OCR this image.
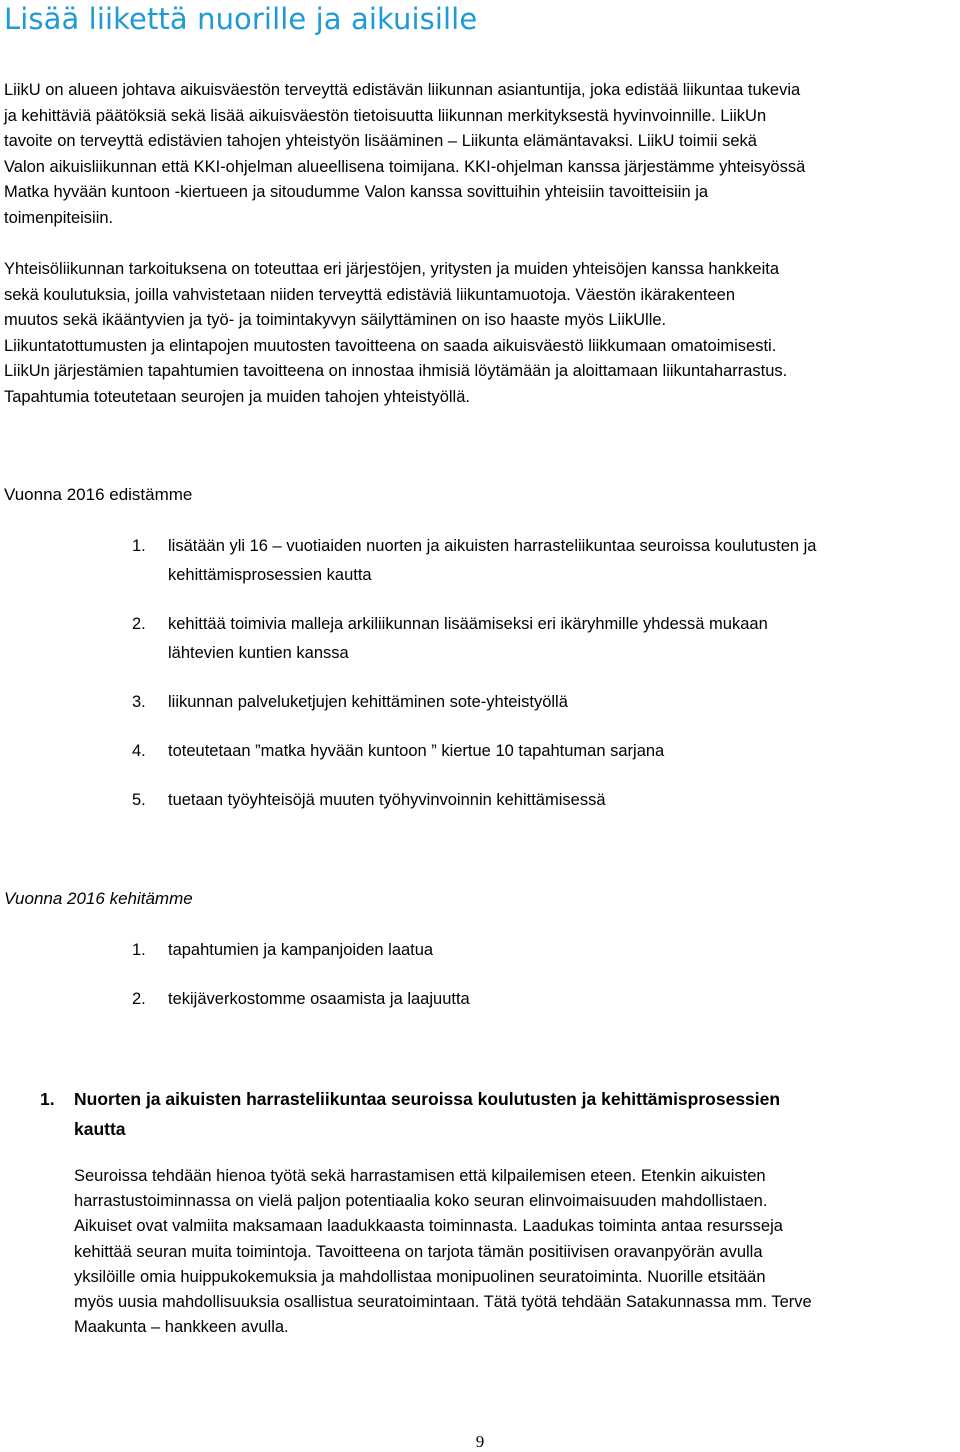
Lisää liikettä nuorille ja aikuisille
LiikU on alueen johtava aikuisväestön terveyttä edistävän liikunnan asiantuntija, joka edistää liikuntaa tukevia
ja kehittäviä päätöksiä sekä lisää aikuisväestön tietoisuutta liikunnan merkityksestä hyvinvoinnille. LiikUn
tavoite on terveyttä edistävien tahojen yhteistyön lisääminen – Liikunta elämäntavaksi. LiikU toimii sekä
Valon aikuisliikunnan että KKI-ohjelman alueellisena toimijana. KKI-ohjelman kanssa järjestämme yhteisyössä
Matka hyvään kuntoon -kiertueen ja sitoudumme Valon kanssa sovittuihin yhteisiin tavoitteisiin ja
toimenpiteisiin.
Yhteisöliikunnan tarkoituksena on toteuttaa eri järjestöjen, yritysten ja muiden yhteisöjen kanssa hankkeita
sekä koulutuksia, joilla vahvistetaan niiden terveyttä edistäviä liikuntamuotoja. Väestön ikärakenteen
muutos sekä ikääntyvien ja työ- ja toimintakyvyn säilyttäminen on iso haaste myös LiikUlle.
Liikuntatottumusten ja elintapojen muutosten tavoitteena on saada aikuisväestö liikkumaan omatoimisesti.
LiikUn järjestämien tapahtumien tavoitteena on innostaa ihmisiä löytämään ja aloittamaan liikuntaharrastus.
Tapahtumia toteutetaan seurojen ja muiden tahojen yhteistyöllä.
Vuonna 2016 edistämme
1. lisätään yli 16 – vuotiaiden nuorten ja aikuisten harrasteliikuntaa seuroissa koulutusten ja
kehittämisprosessien kautta
2. kehittää toimivia malleja arkiliikunnan lisäämiseksi eri ikäryhmille yhdessä mukaan
lähtevien kuntien kanssa
3. liikunnan palveluketjujen kehittäminen sote-yhteistyöllä
4. toteutetaan ”matka hyvään kuntoon ” kiertue 10 tapahtuman sarjana
5. tuetaan työyhteisöjä muuten työhyvinvoinnin kehittämisessä
Vuonna 2016 kehitämme
1. tapahtumien ja kampanjoiden laatua
2. tekijäverkostomme osaamista ja laajuutta
1. Nuorten ja aikuisten harrasteliikuntaa seuroissa koulutusten ja kehittämisprosessien
kautta
Seuroissa tehdään hienoa työtä sekä harrastamisen että kilpailemisen eteen. Etenkin aikuisten
harrastustoiminnassa on vielä paljon potentiaalia koko seuran elinvoimaisuuden mahdollistaen.
Aikuiset ovat valmiita maksamaan laadukkaasta toiminnasta. Laadukas toiminta antaa resursseja
kehittää seuran muita toimintoja. Tavoitteena on tarjota tämän positiivisen oravanpyörän avulla
yksilöille omia huippukokemuksia ja mahdollistaa monipuolinen seuratoiminta. Nuorille etsitään
myös uusia mahdollisuuksia osallistua seuratoimintaan. Tätä työtä tehdään Satakunnassa mm. Terve
Maakunta – hankkeen avulla.
9
